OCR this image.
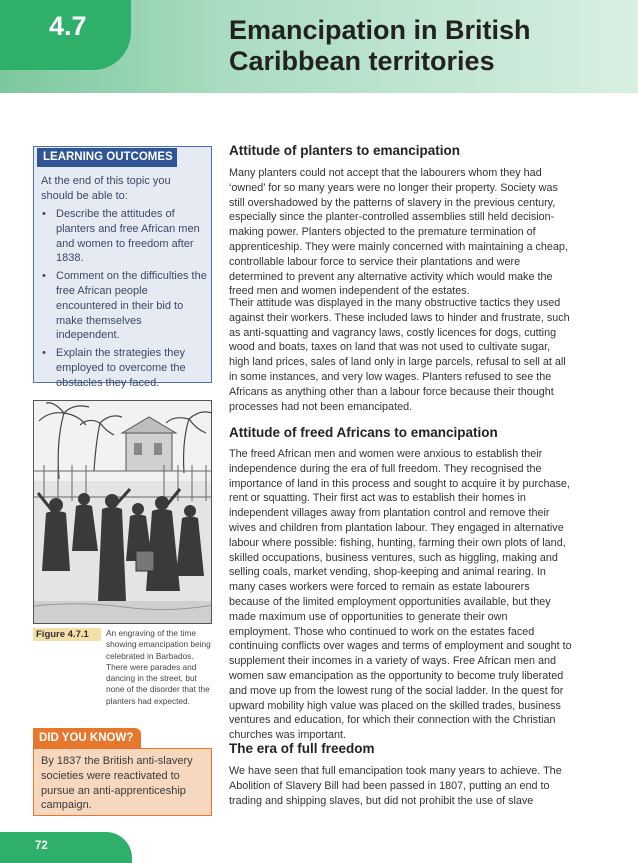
4.7	Emancipation in British
Caribbean territories
LEARNING OUTCOMES
At the end of this topic you should be able to:
• Describe the attitudes of planters and free African men and women to freedom after 1838.
• Comment on the difficulties the free African people encountered in their bid to make themselves independent.
• Explain the strategies they employed to overcome the obstacles they faced.
Figure 4.7.1	An engraving of the time showing emancipation being celebrated in Barbados. There were parades and dancing in the street, but none of the disorder that the planters had expected.
DID YOU KNOW?
By 1837 the British anti-slavery societies were reactivated to pursue an anti-apprenticeship campaign.
Attitude of planters to emancipation

Many planters could not accept that the labourers whom they had ‘owned’ for so many years were no longer their property. Society was still overshadowed by the patterns of slavery in the previous century, especially since the planter-controlled assemblies still held decision-making power. Planters objected to the premature termination of apprenticeship. They were mainly concerned with maintaining a cheap, controllable labour force to service their plantations and were determined to prevent any alternative activity which would make the freed men and women independent of the estates.

Their attitude was displayed in the many obstructive tactics they used against their workers. These included laws to hinder and frustrate, such as anti-squatting and vagrancy laws, costly licences for dogs, cutting wood and boats, taxes on land that was not used to cultivate sugar, high land prices, sales of land only in large parcels, refusal to sell at all in some instances, and very low wages. Planters refused to see the Africans as anything other than a labour force because their thought processes had not been emancipated.

Attitude of freed Africans to emancipation

The freed African men and women were anxious to establish their independence during the era of full freedom. They recognised the importance of land in this process and sought to acquire it by purchase, rent or squatting. Their first act was to establish their homes in independent villages away from plantation control and remove their wives and children from plantation labour. They engaged in alternative labour where possible: fishing, hunting, farming their own plots of land, skilled occupations, business ventures, such as higgling, making and selling coals, market vending, shop-keeping and animal rearing. In many cases workers were forced to remain as estate labourers because of the limited employment opportunities available, but they made maximum use of opportunities to generate their own employment. Those who continued to work on the estates faced continuing conflicts over wages and terms of employment and sought to supplement their incomes in a variety of ways. Free African men and women saw emancipation as the opportunity to become truly liberated and move up from the lowest rung of the social ladder. In the quest for upward mobility high value was placed on the skilled trades, business ventures and education, for which their connection with the Christian churches was important.

The era of full freedom

We have seen that full emancipation took many years to achieve. The Abolition of Slavery Bill had been passed in 1807, putting an end to trading and shipping slaves, but did not prohibit the use of slave

72
